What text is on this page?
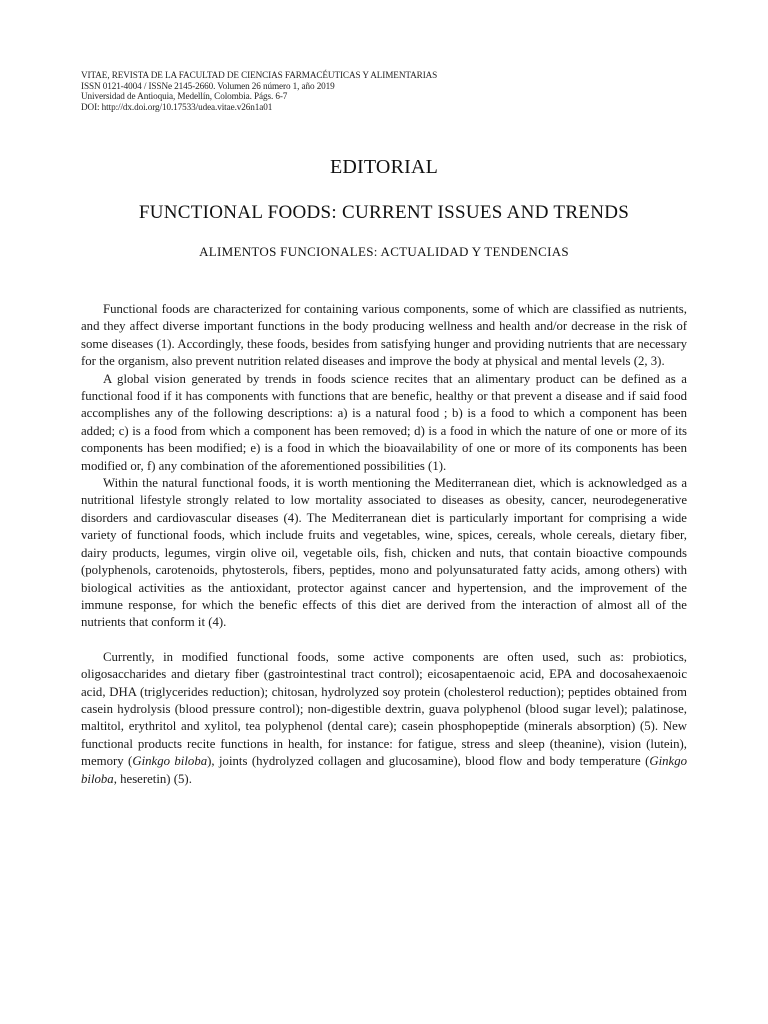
VITAE, REVISTA DE LA FACULTAD DE CIENCIAS FARMACÉUTICAS Y ALIMENTARIAS
ISSN 0121-4004 / ISSNe 2145-2660. Volumen 26 número 1, año 2019
Universidad de Antioquia, Medellín, Colombia. Págs. 6-7
DOI: http://dx.doi.org/10.17533/udea.vitae.v26n1a01
EDITORIAL
FUNCTIONAL FOODS: CURRENT ISSUES AND TRENDS
ALIMENTOS FUNCIONALES: ACTUALIDAD Y TENDENCIAS

Functional foods are characterized for containing various components, some of which are classified as nutrients, and they affect diverse important functions in the body producing wellness and health and/or decrease in the risk of some diseases (1). Accordingly, these foods, besides from satisfying hunger and providing nutrients that are necessary for the organism, also prevent nutrition related diseases and improve the body at physical and mental levels (2, 3).

A global vision generated by trends in foods science recites that an alimentary product can be defined as a functional food if it has components with functions that are benefic, healthy or that prevent a disease and if said food accomplishes any of the following descriptions: a) is a natural food ; b) is a food to which a component has been added; c) is a food from which a component has been removed; d) is a food in which the nature of one or more of its components has been modified; e) is a food in which the bioavailability of one or more of its components has been modified or, f) any combination of the aforementioned possibilities (1).

Within the natural functional foods, it is worth mentioning the Mediterranean diet, which is acknowledged as a nutritional lifestyle strongly related to low mortality associated to diseases as obesity, cancer, neurodegenerative disorders and cardiovascular diseases (4). The Mediterranean diet is particularly important for comprising a wide variety of functional foods, which include fruits and vegetables, wine, spices, cereals, whole cereals, dietary fiber, dairy products, legumes, virgin olive oil, vegetable oils, fish, chicken and nuts, that contain bioactive compounds (polyphenols, carotenoids, phytosterols, fibers, peptides, mono and polyunsaturated fatty acids, among others) with biological activities as the antioxidant, protector against cancer and hypertension, and the improvement of the immune response, for which the benefic effects of this diet are derived from the interaction of almost all of the nutrients that conform it (4).

Currently, in modified functional foods, some active components are often used, such as: probiotics, oligosaccharides and dietary fiber (gastrointestinal tract control); eicosapentaenoic acid, EPA and docosahexaenoic acid, DHA (triglycerides reduction); chitosan, hydrolyzed soy protein (cholesterol reduction); peptides obtained from casein hydrolysis (blood pressure control); non-digestible dextrin, guava polyphenol (blood sugar level); palatinose, maltitol, erythritol and xylitol, tea polyphenol (dental care); casein phosphopeptide (minerals absorption) (5). New functional products recite functions in health, for instance: for fatigue, stress and sleep (theanine), vision (lutein), memory (Ginkgo biloba), joints (hydrolyzed collagen and glucosamine), blood flow and body temperature (Ginkgo biloba, heseretin) (5).
